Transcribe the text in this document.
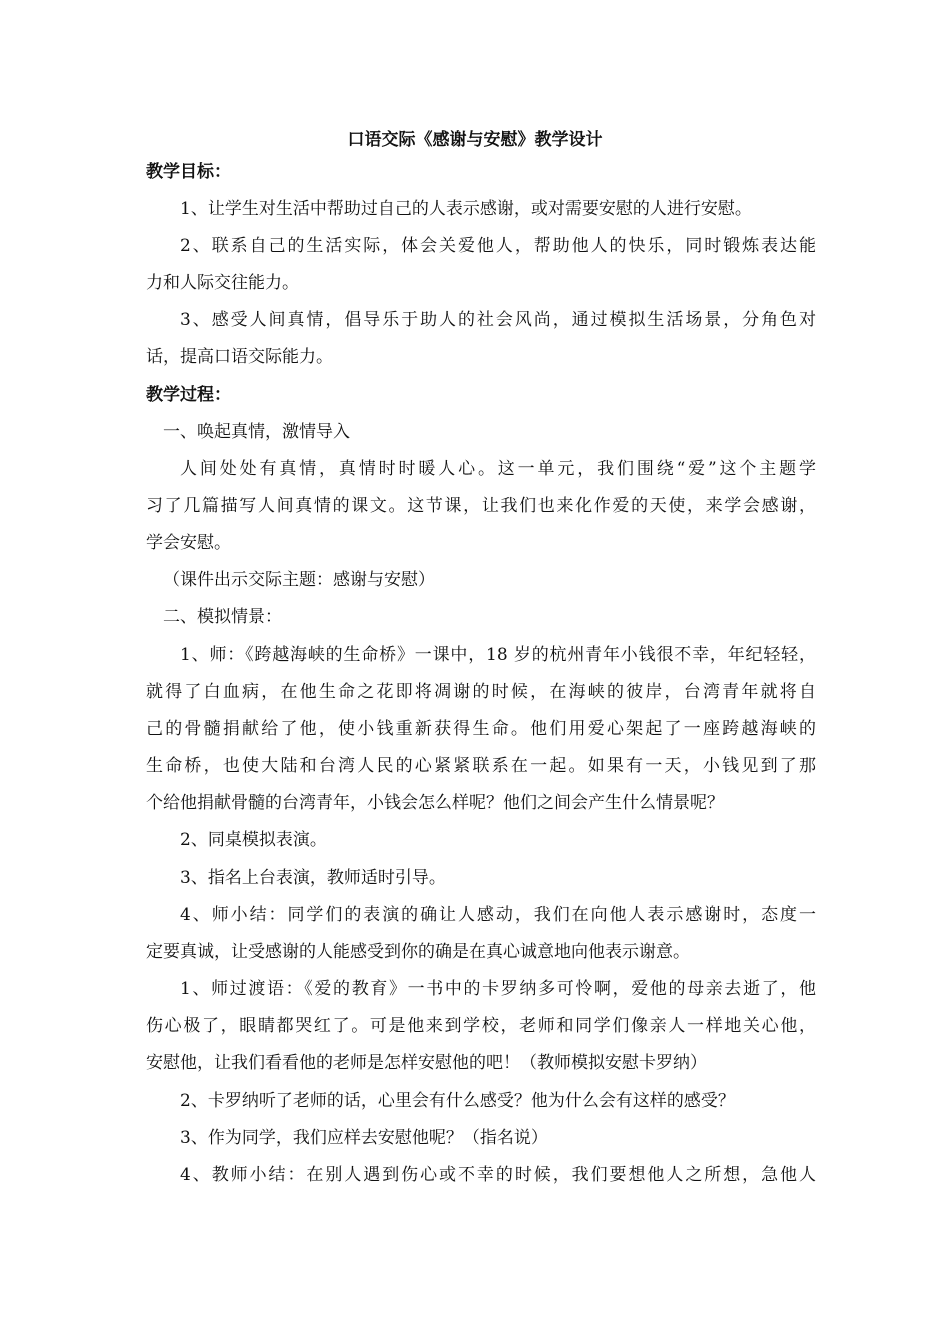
口语交际《感谢与安慰》教学设计
教学目标：
1、让学生对生活中帮助过自己的人表示感谢，或对需要安慰的人进行安慰。
2、联系自己的生活实际，体会关爱他人，帮助他人的快乐，同时锻炼表达能
力和人际交往能力。
3、感受人间真情，倡导乐于助人的社会风尚，通过模拟生活场景，分角色对
话，提高口语交际能力。
教学过程：
一、唤起真情，激情导入
人间处处有真情，真情时时暖人心。这一单元，我们围绕“爱”这个主题学
习了几篇描写人间真情的课文。这节课，让我们也来化作爱的天使，来学会感谢，
学会安慰。
（课件出示交际主题：感谢与安慰）
二、模拟情景：
1、师：《跨越海峡的生命桥》一课中，18 岁的杭州青年小钱很不幸，年纪轻轻，
就得了白血病，在他生命之花即将凋谢的时候，在海峡的彼岸，台湾青年就将自
己的骨髓捐献给了他，使小钱重新获得生命。他们用爱心架起了一座跨越海峡的
生命桥，也使大陆和台湾人民的心紧紧联系在一起。如果有一天，小钱见到了那
个给他捐献骨髓的台湾青年，小钱会怎么样呢？他们之间会产生什么情景呢？
2、同桌模拟表演。
3、指名上台表演，教师适时引导。
4、师小结：同学们的表演的确让人感动，我们在向他人表示感谢时，态度一
定要真诚，让受感谢的人能感受到你的确是在真心诚意地向他表示谢意。
1、师过渡语：《爱的教育》一书中的卡罗纳多可怜啊，爱他的母亲去逝了，他
伤心极了，眼睛都哭红了。可是他来到学校，老师和同学们像亲人一样地关心他，
安慰他，让我们看看他的老师是怎样安慰他的吧！（教师模拟安慰卡罗纳）
2、卡罗纳听了老师的话，心里会有什么感受？他为什么会有这样的感受？
3、作为同学，我们应样去安慰他呢？（指名说）
4、教师小结：在别人遇到伤心或不幸的时候，我们要想他人之所想，急他人
